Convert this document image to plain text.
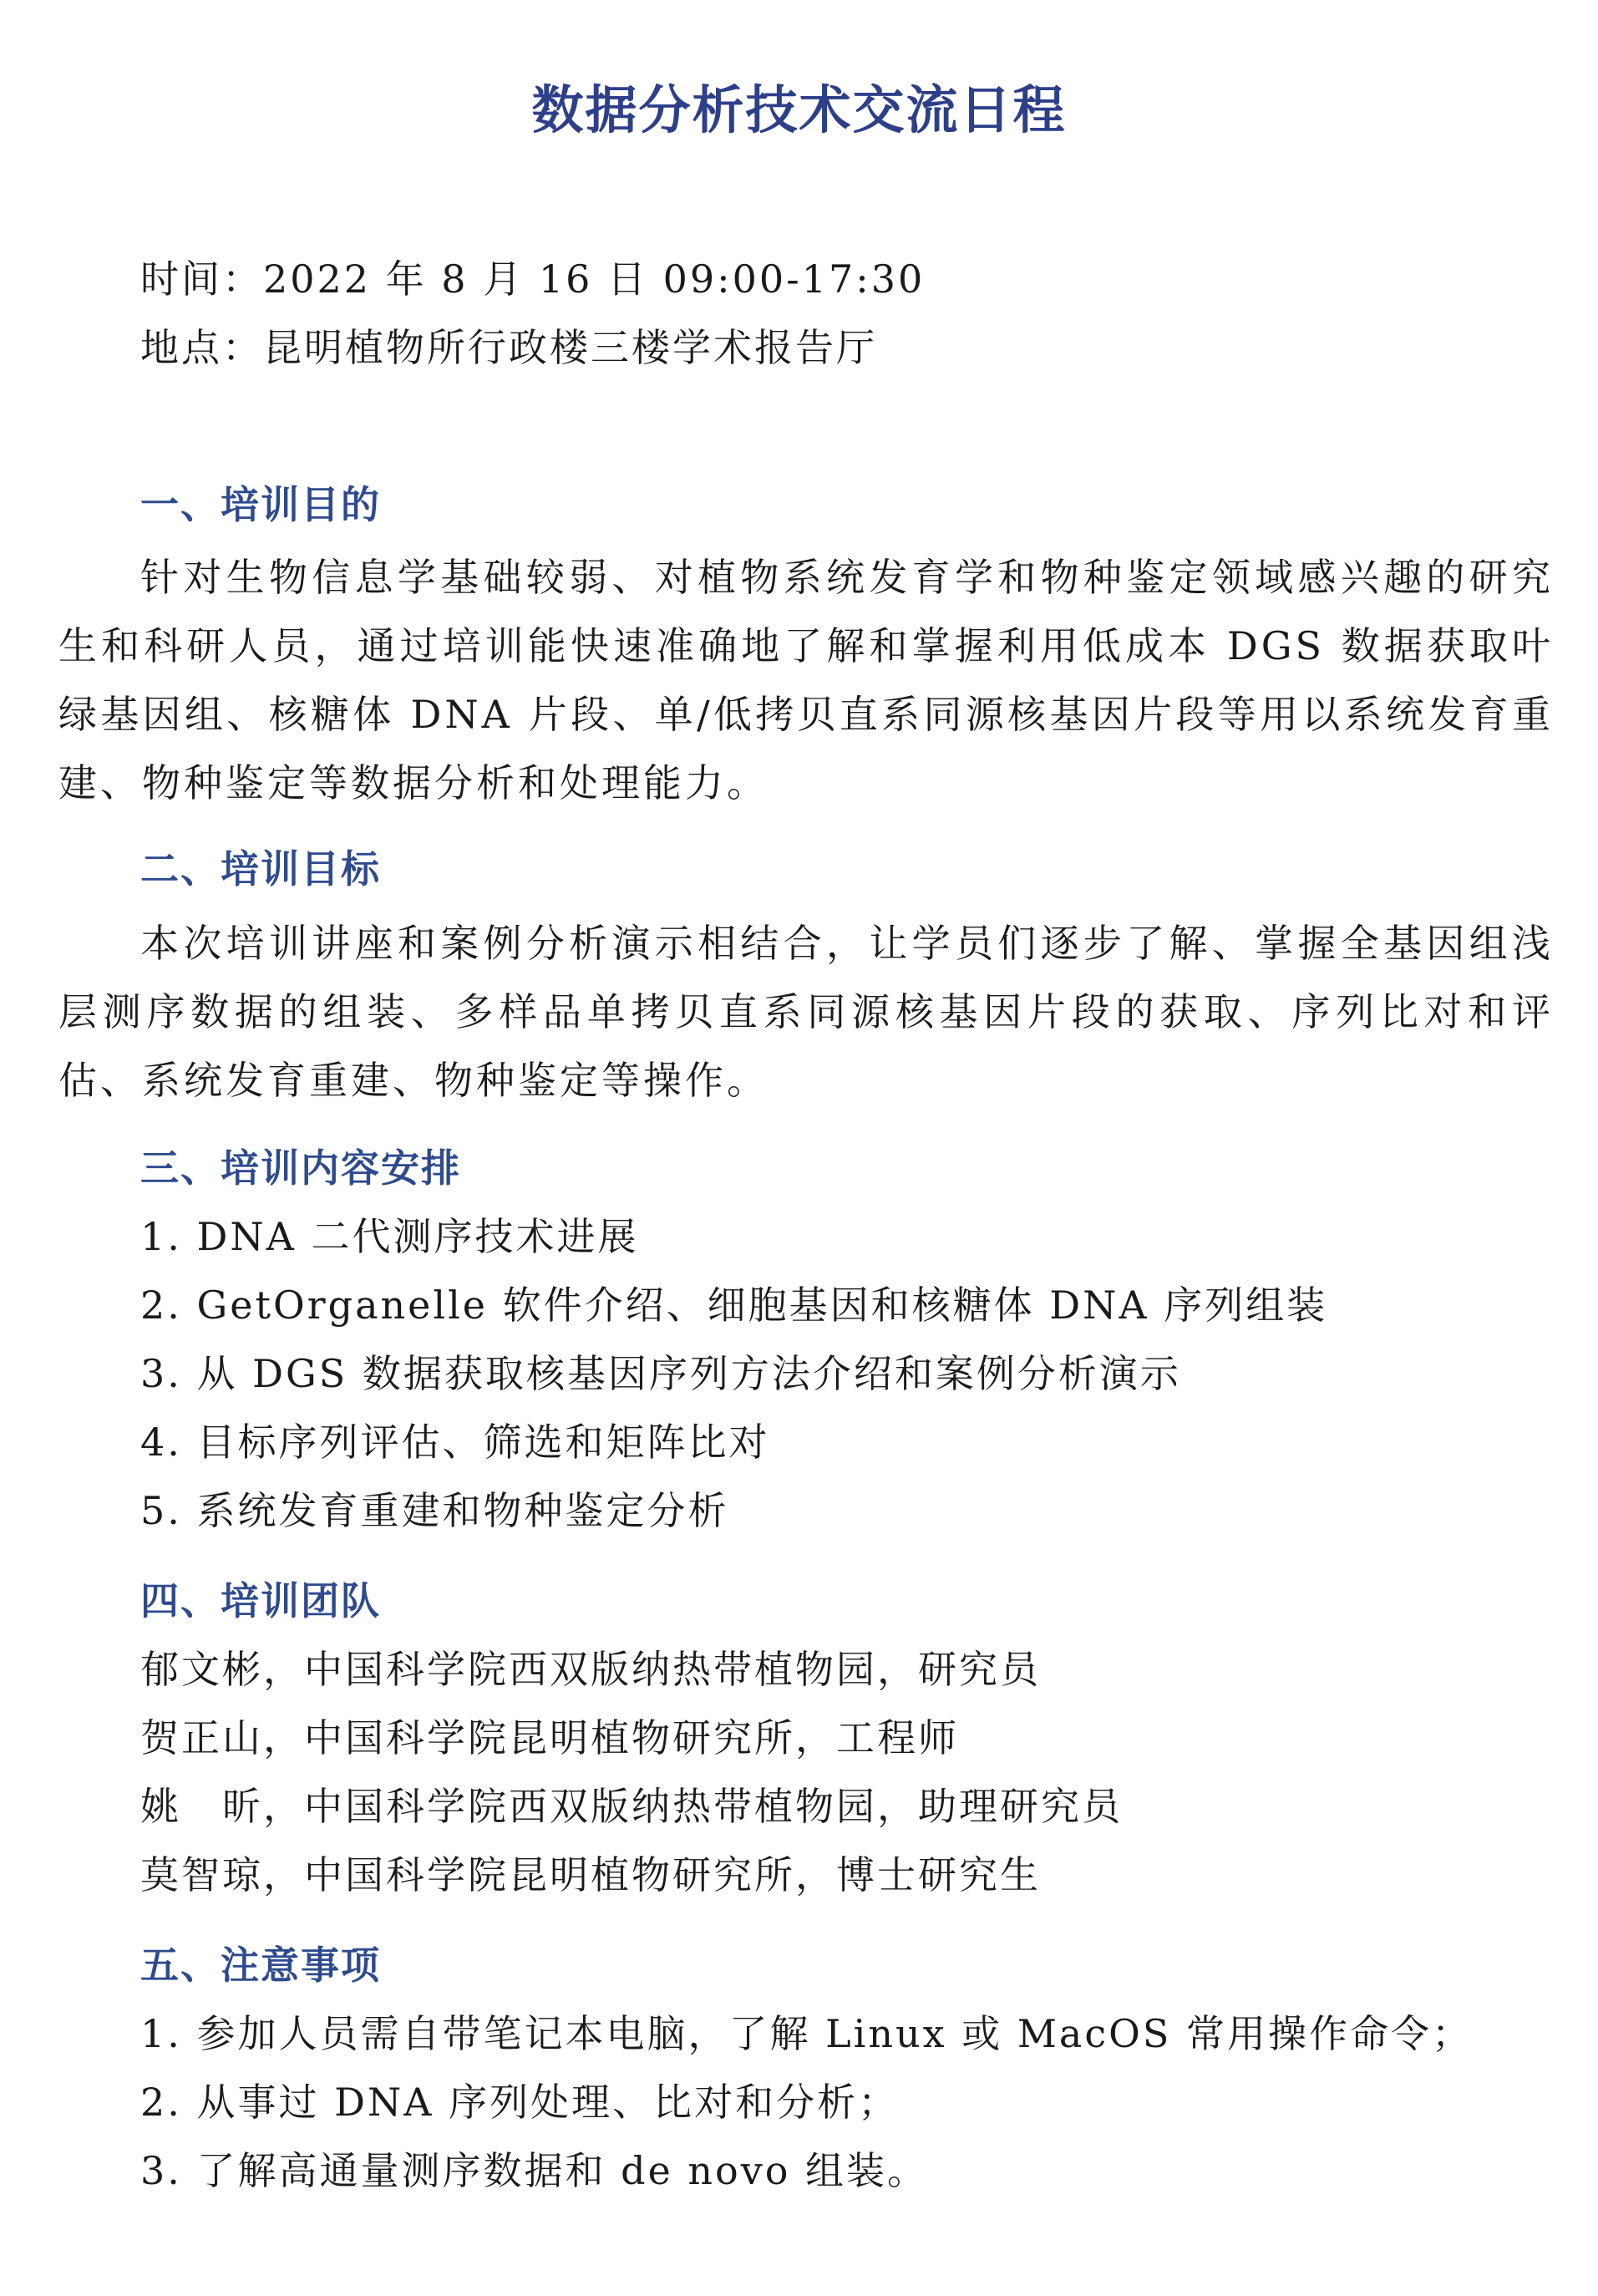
数据分析技术交流日程
时间：2022 年 8 月 16 日 09:00-17:30
地点：昆明植物所行政楼三楼学术报告厅
一、培训目的
针对生物信息学基础较弱、对植物系统发育学和物种鉴定领域感兴趣的研究生和科研人员，通过培训能快速准确地了解和掌握利用低成本 DGS 数据获取叶绿基因组、核糖体 DNA 片段、单/低拷贝直系同源核基因片段等用以系统发育重建、物种鉴定等数据分析和处理能力。
二、培训目标
本次培训讲座和案例分析演示相结合，让学员们逐步了解、掌握全基因组浅层测序数据的组装、多样品单拷贝直系同源核基因片段的获取、序列比对和评估、系统发育重建、物种鉴定等操作。
三、培训内容安排
1. DNA 二代测序技术进展
2. GetOrganelle 软件介绍、细胞基因和核糖体 DNA 序列组装
3. 从 DGS 数据获取核基因序列方法介绍和案例分析演示
4. 目标序列评估、筛选和矩阵比对
5. 系统发育重建和物种鉴定分析
四、培训团队
郁文彬，中国科学院西双版纳热带植物园，研究员
贺正山，中国科学院昆明植物研究所，工程师
姚　昕，中国科学院西双版纳热带植物园，助理研究员
莫智琼，中国科学院昆明植物研究所，博士研究生
五、注意事项
1. 参加人员需自带笔记本电脑，了解 Linux 或 MacOS 常用操作命令；
2. 从事过 DNA 序列处理、比对和分析；
3. 了解高通量测序数据和 de novo 组装。
